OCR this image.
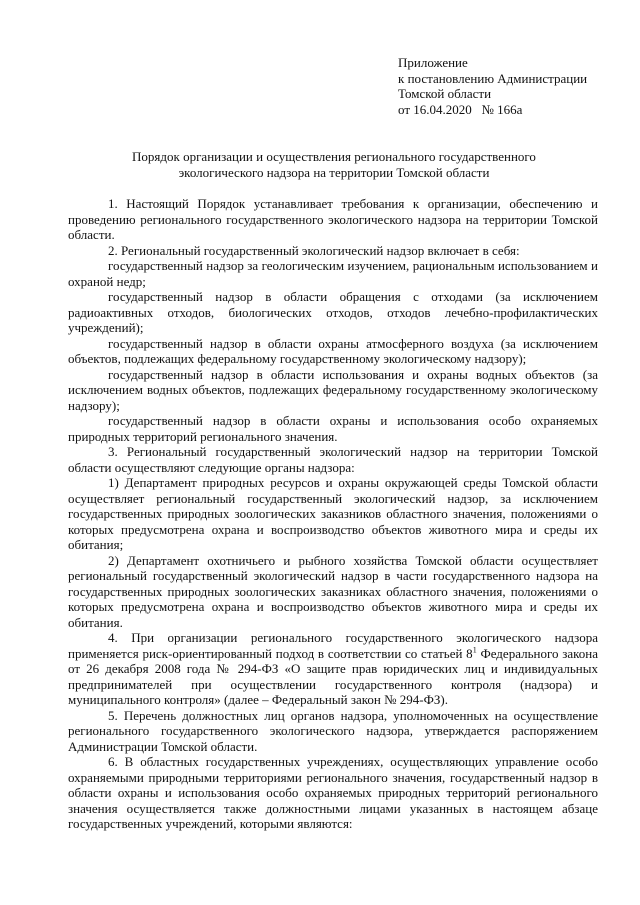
Приложение
к постановлению Администрации
Томской области
от 16.04.2020   № 166а
Порядок организации и осуществления регионального государственного
экологического надзора на территории Томской области

1. Настоящий Порядок устанавливает требования к организации, обеспечению и проведению регионального государственного экологического надзора на территории Томской области.

2. Региональный государственный экологический надзор включает в себя:

государственный надзор за геологическим изучением, рациональным использованием и охраной недр;

государственный надзор в области обращения с отходами (за исключением радиоактивных отходов, биологических отходов, отходов лечебно-профилактических учреждений);

государственный надзор в области охраны атмосферного воздуха (за исключением объектов, подлежащих федеральному государственному экологическому надзору);

государственный надзор в области использования и охраны водных объектов (за исключением водных объектов, подлежащих федеральному государственному экологическому надзору);

государственный надзор в области охраны и использования особо охраняемых природных территорий регионального значения.

3. Региональный государственный экологический надзор на территории Томской области осуществляют следующие органы надзора:

1) Департамент природных ресурсов и охраны окружающей среды Томской области осуществляет региональный государственный экологический надзор, за исключением государственных природных зоологических заказников областного значения, положениями о которых предусмотрена охрана и воспроизводство объектов животного мира и среды их обитания;

2) Департамент охотничьего и рыбного хозяйства Томской области осуществляет региональный государственный экологический надзор в части государственного надзора на государственных природных зоологических заказниках областного значения, положениями о которых предусмотрена охрана и воспроизводство объектов животного мира и среды их обитания.

4. При организации регионального государственного экологического надзора применяется риск-ориентированный подход в соответствии со статьей $8^1$ Федерального закона от 26 декабря 2008 года № 294-ФЗ «О защите прав юридических лиц и индивидуальных предпринимателей при осуществлении государственного контроля (надзора) и муниципального контроля» (далее – Федеральный закон № 294-ФЗ).

5. Перечень должностных лиц органов надзора, уполномоченных на осуществление регионального государственного экологического надзора, утверждается распоряжением Администрации Томской области.

6. В областных государственных учреждениях, осуществляющих управление особо охраняемыми природными территориями регионального значения, государственный надзор в области охраны и использования особо охраняемых природных территорий регионального значения осуществляется также должностными лицами указанных в настоящем абзаце государственных учреждений, которыми являются:
